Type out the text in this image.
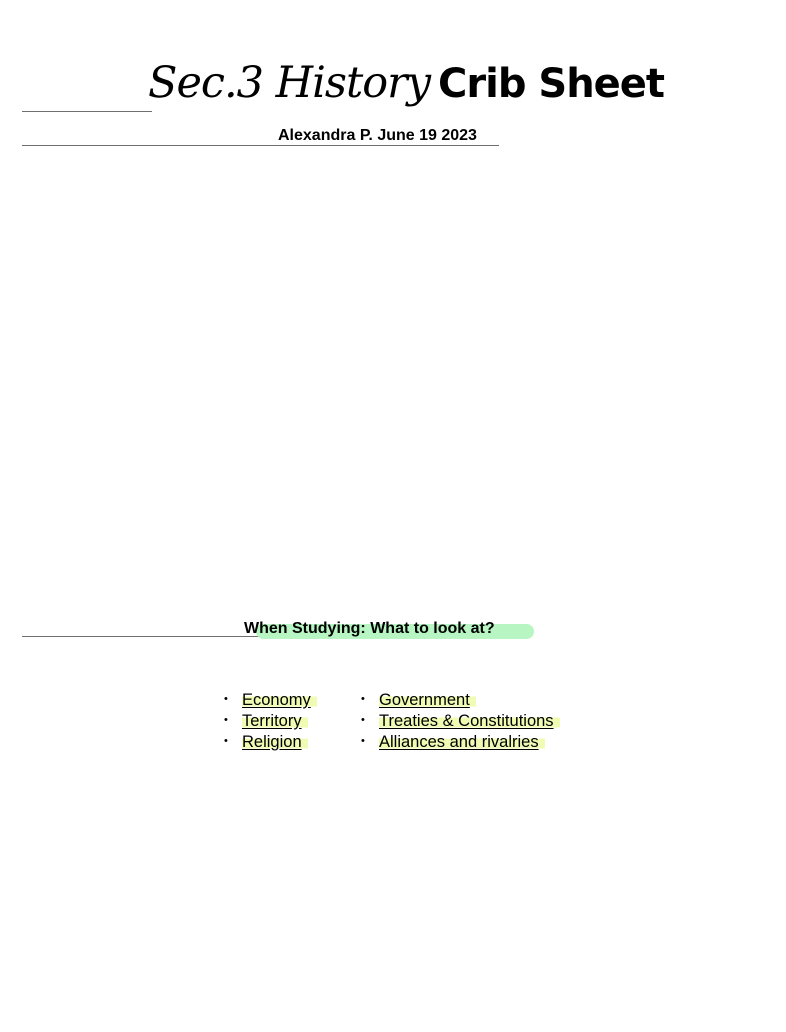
Sec.3 History Crib Sheet
Alexandra P. June 19 2023
When Studying: What to look at?
• Economy
• Territory
• Religion
• Government
• Treaties & Constitutions
• Alliances and rivalries
